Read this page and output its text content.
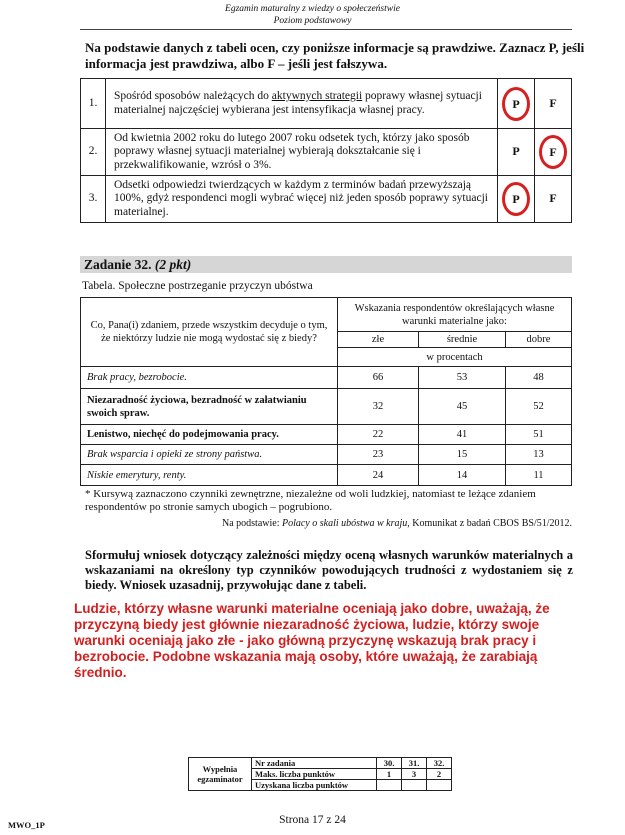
Egzamin maturalny z wiedzy o społeczeństwie
Poziom podstawowy
Na podstawie danych z tabeli ocen, czy poniższe informacje są prawdziwe. Zaznacz P, jeśli informacja jest prawdziwa, albo F – jeśli jest fałszywa.
1.	Spośród sposobów należących do aktywnych strategii poprawy własnej sytuacji materialnej najczęściej wybierana jest intensyfikacja własnej pracy.	P	F
2.	Od kwietnia 2002 roku do lutego 2007 roku odsetek tych, którzy jako sposób poprawy własnej sytuacji materialnej wybierają dokształcanie się i przekwalifikowanie, wzrósł o 3%.	P	F
3.	Odsetki odpowiedzi twierdzących w każdym z terminów badań przewyższają 100%, gdyż respondenci mogli wybrać więcej niż jeden sposób poprawy sytuacji materialnej.	P	F
Zadanie 32. (2 pkt)
Tabela. Społeczne postrzeganie przyczyn ubóstwa
Co, Pana(i) zdaniem, przede wszystkim decyduje o tym, że niektórzy ludzie nie mogą wydostać się z biedy?	Wskazania respondentów określających własne warunki materialne jako:		
	złe	średnie	dobre
	w procentach		
Brak pracy, bezrobocie.	66	53	48
Niezaradność życiowa, bezradność w załatwianiu swoich spraw.	32	45	52
Lenistwo, niechęć do podejmowania pracy.	22	41	51
Brak wsparcia i opieki ze strony państwa.	23	15	13
Niskie emerytury, renty.	24	14	11
* Kursywą zaznaczono czynniki zewnętrzne, niezależne od woli ludzkiej, natomiast te leżące zdaniem respondentów po stronie samych ubogich – pogrubiono.
Na podstawie: Polacy o skali ubóstwa w kraju, Komunikat z badań CBOS BS/51/2012.
Sformułuj wniosek dotyczący zależności między oceną własnych warunków materialnych a wskazaniami na określony typ czynników powodujących trudności z wydostaniem się z biedy. Wniosek uzasadnij, przywołując dane z tabeli.
Ludzie, którzy własne warunki materialne oceniają jako dobre, uważają, że przyczyną biedy jest głównie niezaradność życiowa, ludzie, którzy swoje warunki oceniają jako złe - jako główną przyczynę wskazują brak pracy i bezrobocie. Podobne wskazania mają osoby, które uważają, że zarabiają średnio.
Wypełnia
egzaminator	Nr zadania	30.	31.	32.
	Maks. liczba punktów	1	3	2
	Uzyskana liczba punktów			
Strona 17 z 24
MWO_1P
